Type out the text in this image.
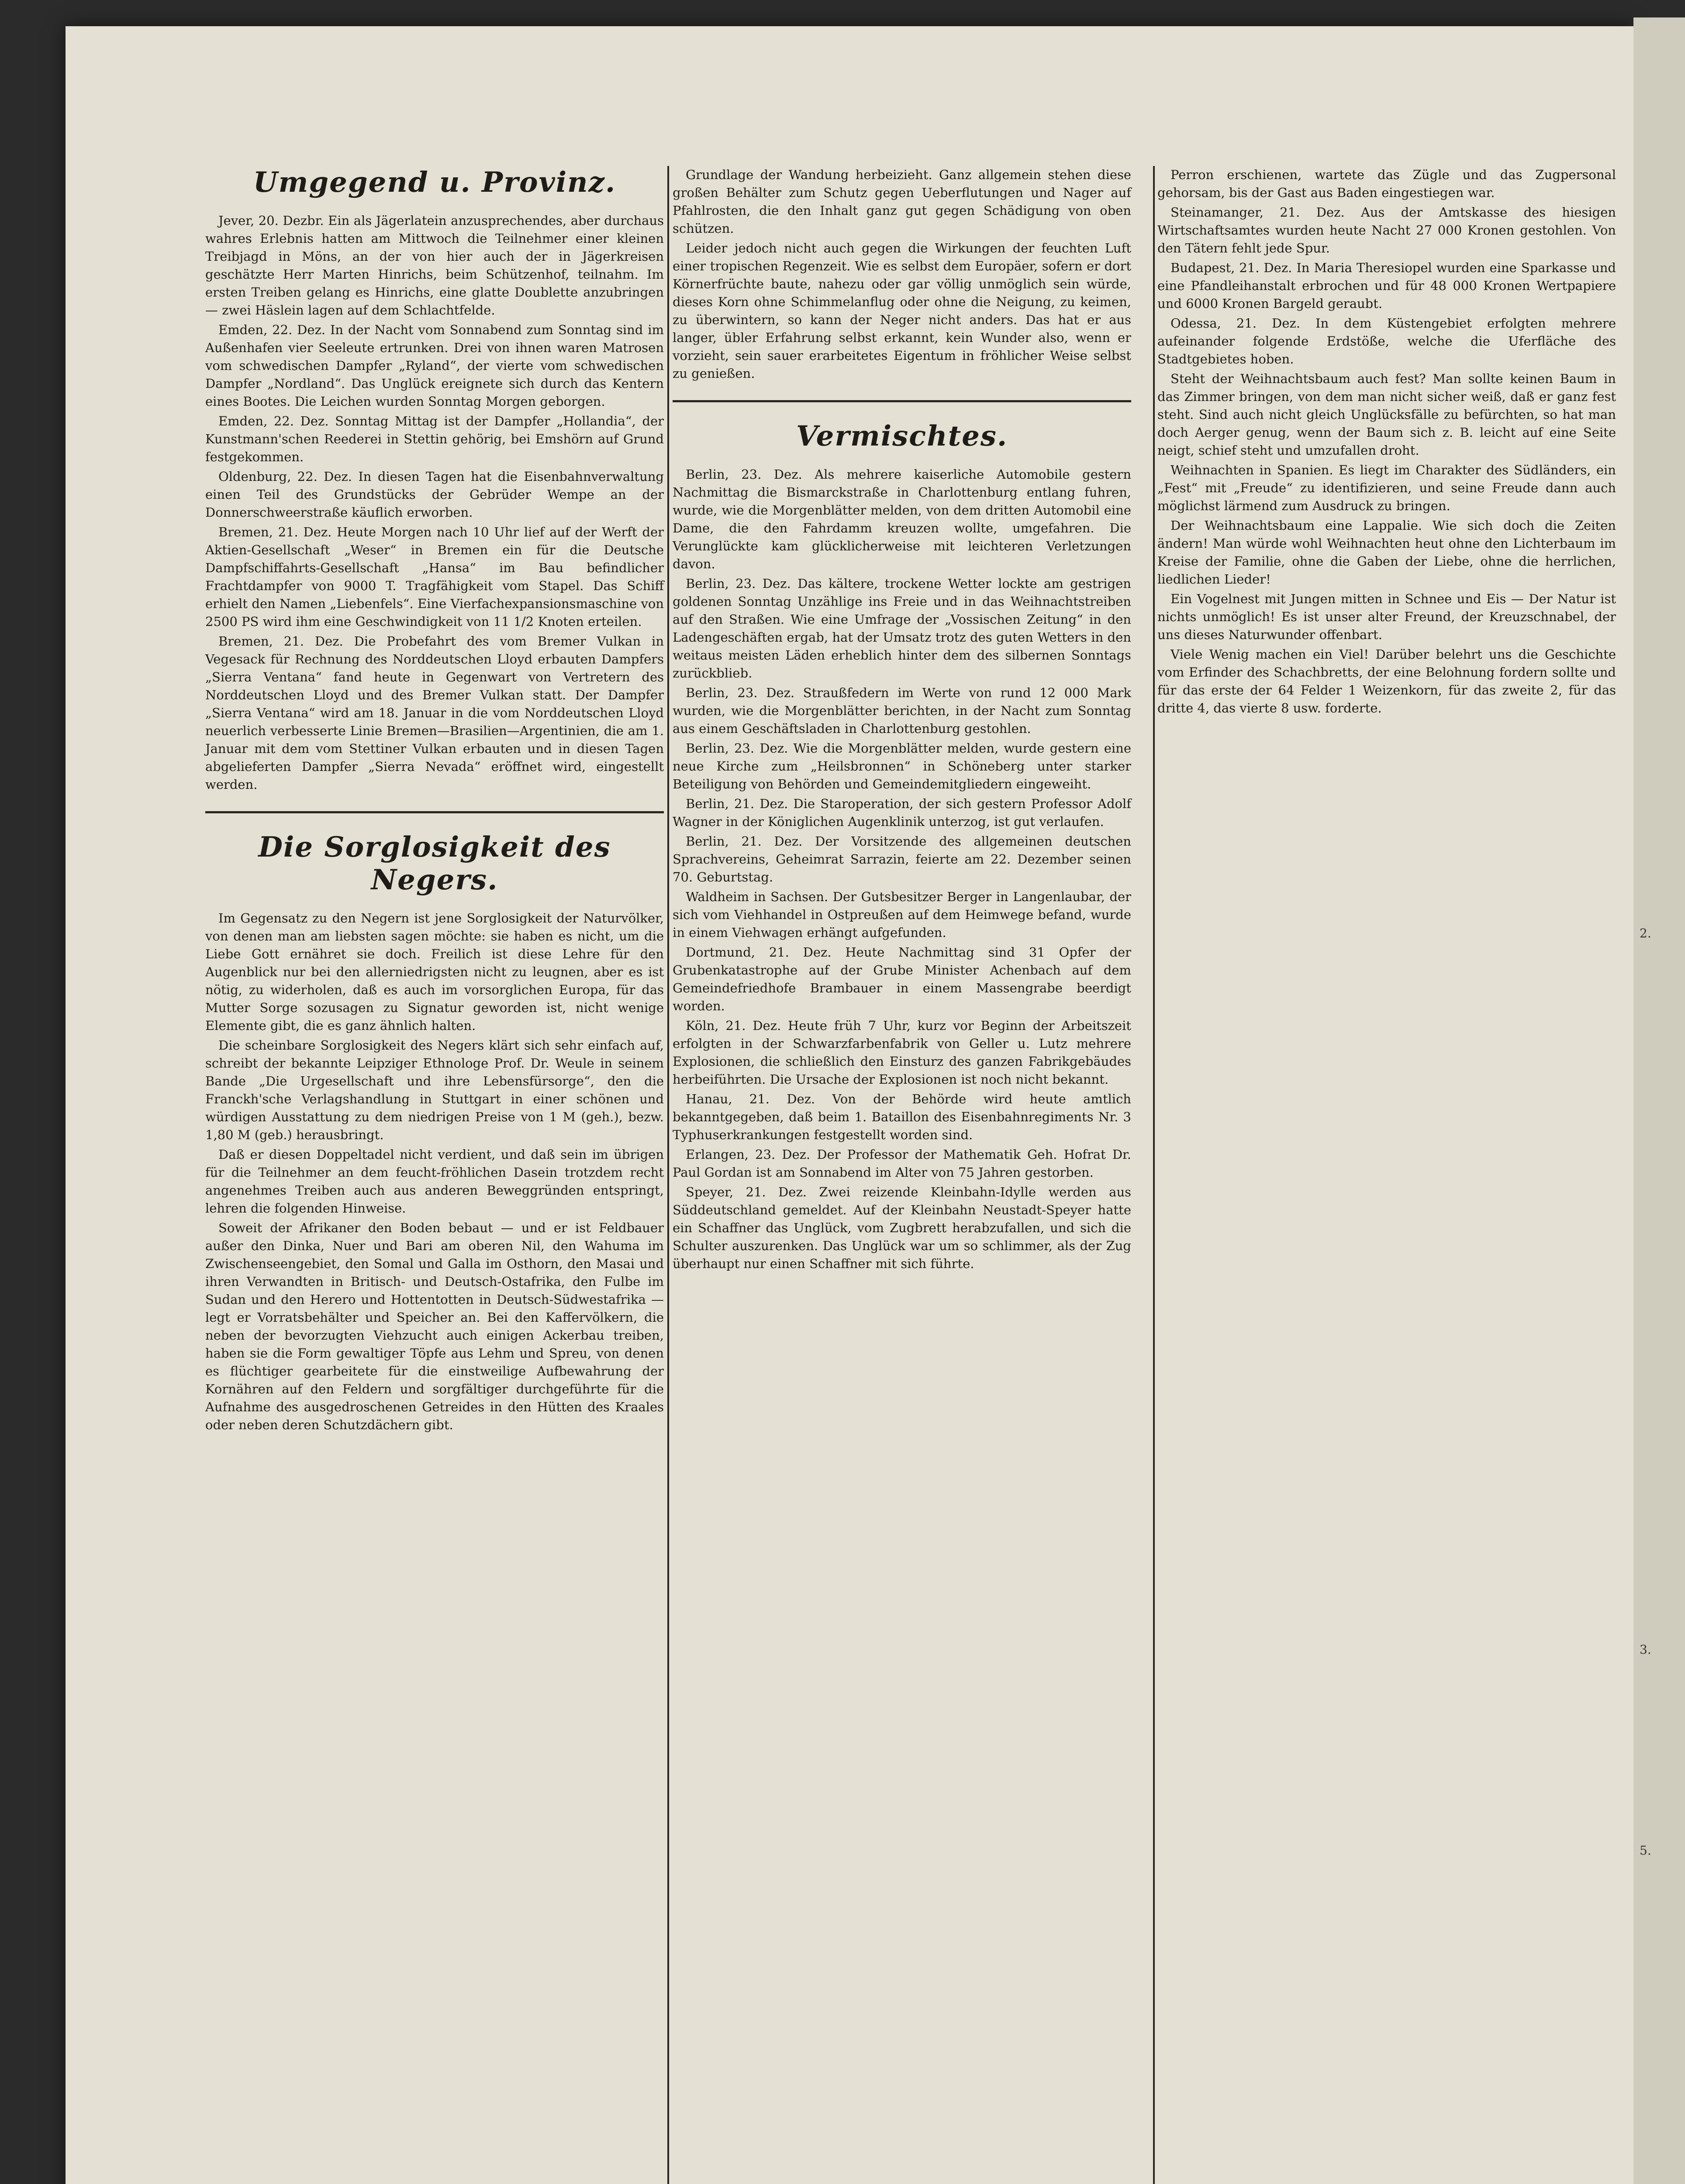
Umgegend u. Provinz.

Jever, 20. Dezbr. Ein als Jägerlatein anzusprechendes, aber durchaus wahres Erlebnis hatten am Mittwoch die Teilnehmer einer kleinen Treibjagd in Möns, an der von hier auch der in Jägerkreisen geschätzte Herr Marten Hinrichs, beim Schützenhof, teilnahm. Im ersten Treiben gelang es Hinrichs, eine glatte Doublette anzubringen — zwei Häslein lagen auf dem Schlachtfelde.

Emden, 22. Dez. In der Nacht vom Sonnabend zum Sonntag sind im Außenhafen vier Seeleute ertrunken. Drei von ihnen waren Matrosen vom schwedischen Dampfer „Ryland“, der vierte vom schwedischen Dampfer „Nordland“. Das Unglück ereignete sich durch das Kentern eines Bootes. Die Leichen wurden Sonntag Morgen geborgen.

Emden, 22. Dez. Sonntag Mittag ist der Dampfer „Hollandia“, der Kunstmann'schen Reederei in Stettin gehörig, bei Emshörn auf Grund festgekommen.

Oldenburg, 22. Dez. In diesen Tagen hat die Eisenbahnverwaltung einen Teil des Grundstücks der Gebrüder Wempe an der Donnerschweerstraße käuflich erworben.

Bremen, 21. Dez. Heute Morgen nach 10 Uhr lief auf der Werft der Aktien-Gesellschaft „Weser“ in Bremen ein für die Deutsche Dampfschiffahrts-Gesellschaft „Hansa“ im Bau befindlicher Frachtdampfer von 9000 T. Tragfähigkeit vom Stapel. Das Schiff erhielt den Namen „Liebenfels“. Eine Vierfachexpansionsmaschine von 2500 PS wird ihm eine Geschwindigkeit von 11 1/2 Knoten erteilen.

Bremen, 21. Dez. Die Probefahrt des vom Bremer Vulkan in Vegesack für Rechnung des Norddeutschen Lloyd erbauten Dampfers „Sierra Ventana“ fand heute in Gegenwart von Vertretern des Norddeutschen Lloyd und des Bremer Vulkan statt. Der Dampfer „Sierra Ventana“ wird am 18. Januar in die vom Norddeutschen Lloyd neuerlich verbesserte Linie Bremen—Brasilien—Argentinien, die am 1. Januar mit dem vom Stettiner Vulkan erbauten und in diesen Tagen abgelieferten Dampfer „Sierra Nevada“ eröffnet wird, eingestellt werden.

Die Sorglosigkeit des Negers.

Im Gegensatz zu den Negern ist jene Sorglosigkeit der Naturvölker, von denen man am liebsten sagen möchte: sie haben es nicht, um die Liebe Gott ernähret sie doch. Freilich ist diese Lehre für den Augenblick nur bei den allerniedrigsten nicht zu leugnen, aber es ist nötig, zu widerholen, daß es auch im vorsorglichen Europa, für das Mutter Sorge sozusagen zu Signatur geworden ist, nicht wenige Elemente gibt, die es ganz ähnlich halten.

Die scheinbare Sorglosigkeit des Negers klärt sich sehr einfach auf, schreibt der bekannte Leipziger Ethnologe Prof. Dr. Weule in seinem Bande „Die Urgesellschaft und ihre Lebensfürsorge“, den die Franckh'sche Verlagshandlung in Stuttgart in einer schönen und würdigen Ausstattung zu dem niedrigen Preise von 1 M (geh.), bezw. 1,80 M (geb.) herausbringt.

Daß er diesen Doppeltadel nicht verdient, und daß sein im übrigen für die Teilnehmer an dem feucht-fröhlichen Dasein trotzdem recht angenehmes Treiben auch aus anderen Beweggründen entspringt, lehren die folgenden Hinweise.

Soweit der Afrikaner den Boden bebaut — und er ist Feldbauer außer den Dinka, Nuer und Bari am oberen Nil, den Wahuma im Zwischenseengebiet, den Somal und Galla im Osthorn, den Masai und ihren Verwandten in Britisch- und Deutsch-Ostafrika, den Fulbe im Sudan und den Herero und Hottentotten in Deutsch-Südwestafrika — legt er Vorratsbehälter und Speicher an. Bei den Kaffervölkern, die neben der bevorzugten Viehzucht auch einigen Ackerbau treiben, haben sie die Form gewaltiger Töpfe aus Lehm und Spreu, von denen es flüchtiger gearbeitete für die einstweilige Aufbewahrung der Kornähren auf den Feldern und sorgfältiger durchgeführte für die Aufnahme des ausgedroschenen Getreides in den Hütten des Kraales oder neben deren Schutzdächern gibt.

Grundlage der Wandung herbeizieht. Ganz allgemein stehen diese großen Behälter zum Schutz gegen Ueberflutungen und Nager auf Pfahlrosten, die den Inhalt ganz gut gegen Schädigung von oben schützen.

Leider jedoch nicht auch gegen die Wirkungen der feuchten Luft einer tropischen Regenzeit. Wie es selbst dem Europäer, sofern er dort Körnerfrüchte baute, nahezu oder gar völlig unmöglich sein würde, dieses Korn ohne Schimmelanflug oder ohne die Neigung, zu keimen, zu überwintern, so kann der Neger nicht anders. Das hat er aus langer, übler Erfahrung selbst erkannt, kein Wunder also, wenn er vorzieht, sein sauer erarbeitetes Eigentum in fröhlicher Weise selbst zu genießen.

Vermischtes.

Berlin, 23. Dez. Als mehrere kaiserliche Automobile gestern Nachmittag die Bismarckstraße in Charlottenburg entlang fuhren, wurde, wie die Morgenblätter melden, von dem dritten Automobil eine Dame, die den Fahrdamm kreuzen wollte, umgefahren. Die Verunglückte kam glücklicherweise mit leichteren Verletzungen davon.

Berlin, 23. Dez. Das kältere, trockene Wetter lockte am gestrigen goldenen Sonntag Unzählige ins Freie und in das Weihnachtstreiben auf den Straßen. Wie eine Umfrage der „Vossischen Zeitung“ in den Ladengeschäften ergab, hat der Umsatz trotz des guten Wetters in den weitaus meisten Läden erheblich hinter dem des silbernen Sonntags zurückblieb.

Berlin, 23. Dez. Straußfedern im Werte von rund 12 000 Mark wurden, wie die Morgenblätter berichten, in der Nacht zum Sonntag aus einem Geschäftsladen in Charlottenburg gestohlen.

Berlin, 23. Dez. Wie die Morgenblätter melden, wurde gestern eine neue Kirche zum „Heilsbronnen“ in Schöneberg unter starker Beteiligung von Behörden und Gemeindemitgliedern eingeweiht.

Berlin, 21. Dez. Die Staroperation, der sich gestern Professor Adolf Wagner in der Königlichen Augenklinik unterzog, ist gut verlaufen.

Berlin, 21. Dez. Der Vorsitzende des allgemeinen deutschen Sprachvereins, Geheimrat Sarrazin, feierte am 22. Dezember seinen 70. Geburtstag.

Waldheim in Sachsen. Der Gutsbesitzer Berger in Langenlaubar, der sich vom Viehhandel in Ostpreußen auf dem Heimwege befand, wurde in einem Viehwagen erhängt aufgefunden.

Dortmund, 21. Dez. Heute Nachmittag sind 31 Opfer der Grubenkatastrophe auf der Grube Minister Achenbach auf dem Gemeindefriedhofe Brambauer in einem Massengrabe beerdigt worden.

Köln, 21. Dez. Heute früh 7 Uhr, kurz vor Beginn der Arbeitszeit erfolgten in der Schwarzfarbenfabrik von Geller u. Lutz mehrere Explosionen, die schließlich den Einsturz des ganzen Fabrikgebäudes herbeiführten. Die Ursache der Explosionen ist noch nicht bekannt.

Hanau, 21. Dez. Von der Behörde wird heute amtlich bekanntgegeben, daß beim 1. Bataillon des Eisenbahnregiments Nr. 3 Typhuserkrankungen festgestellt worden sind.

Erlangen, 23. Dez. Der Professor der Mathematik Geh. Hofrat Dr. Paul Gordan ist am Sonnabend im Alter von 75 Jahren gestorben.

Speyer, 21. Dez. Zwei reizende Kleinbahn-Idylle werden aus Süddeutschland gemeldet. Auf der Kleinbahn Neustadt-Speyer hatte ein Schaffner das Unglück, vom Zugbrett herabzufallen, und sich die Schulter auszurenken. Das Unglück war um so schlimmer, als der Zug überhaupt nur einen Schaffner mit sich führte.

Perron erschienen, wartete das Zügle und das Zugpersonal gehorsam, bis der Gast aus Baden eingestiegen war.

Steinamanger, 21. Dez. Aus der Amtskasse des hiesigen Wirtschaftsamtes wurden heute Nacht 27 000 Kronen gestohlen. Von den Tätern fehlt jede Spur.

Budapest, 21. Dez. In Maria Theresiopel wurden eine Sparkasse und eine Pfandleihanstalt erbrochen und für 48 000 Kronen Wertpapiere und 6000 Kronen Bargeld geraubt.

Odessa, 21. Dez. In dem Küstengebiet erfolgten mehrere aufeinander folgende Erdstöße, welche die Uferfläche des Stadtgebietes hoben.

Steht der Weihnachtsbaum auch fest? Man sollte keinen Baum in das Zimmer bringen, von dem man nicht sicher weiß, daß er ganz fest steht. Sind auch nicht gleich Unglücksfälle zu befürchten, so hat man doch Aerger genug, wenn der Baum sich z. B. leicht auf eine Seite neigt, schief steht und umzufallen droht.

Weihnachten in Spanien. Es liegt im Charakter des Südländers, ein „Fest“ mit „Freude“ zu identifizieren, und seine Freude dann auch möglichst lärmend zum Ausdruck zu bringen.

Der Weihnachtsbaum eine Lappalie. Wie sich doch die Zeiten ändern! Man würde wohl Weihnachten heut ohne den Lichterbaum im Kreise der Familie, ohne die Gaben der Liebe, ohne die herrlichen, liedlichen Lieder!

Ein Vogelnest mit Jungen mitten in Schnee und Eis — Der Natur ist nichts unmöglich! Es ist unser alter Freund, der Kreuzschnabel, der uns dieses Naturwunder offenbart.

Viele Wenig machen ein Viel! Darüber belehrt uns die Geschichte vom Erfinder des Schachbretts, der eine Belohnung fordern sollte und für das erste der 64 Felder 1 Weizenkorn, für das zweite 2, für das dritte 4, das vierte 8 usw. forderte.

2.
3.
5.
